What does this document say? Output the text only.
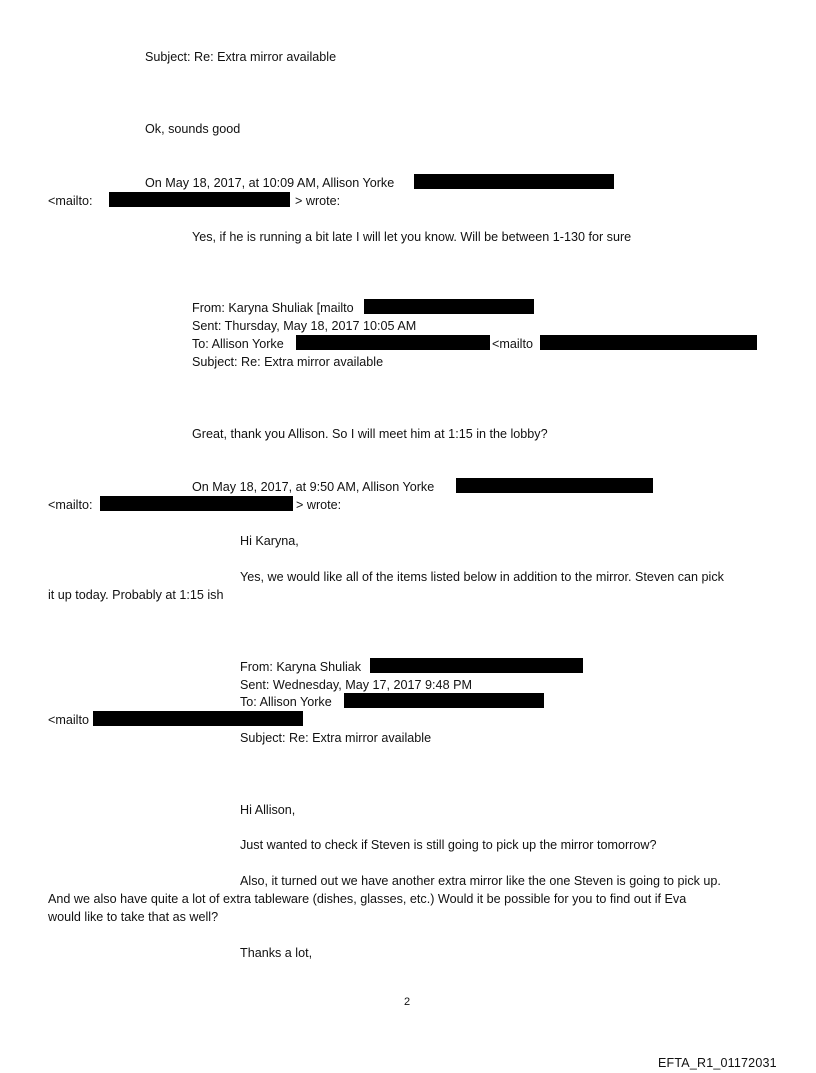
Subject: Re: Extra mirror available
Ok, sounds good
On May 18, 2017, at 10:09 AM, Allison Yorke
<mailto:	> wrote:
Yes, if he is running a bit late I will let you know. Will be between 1-130 for sure
From: Karyna Shuliak [mailto
Sent: Thursday, May 18, 2017 10:05 AM
To: Allison Yorke	<mailto
Subject: Re: Extra mirror available
Great, thank you Allison. So I will meet him at 1:15 in the lobby?
On May 18, 2017, at 9:50 AM, Allison Yorke
<mailto:	> wrote:
Hi Karyna,
Yes, we would like all of the items listed below in addition to the mirror. Steven can pick
it up today. Probably at 1:15 ish
From: Karyna Shuliak
Sent: Wednesday, May 17, 2017 9:48 PM
To: Allison Yorke
<mailto
Subject: Re: Extra mirror available
Hi Allison,
Just wanted to check if Steven is still going to pick up the mirror tomorrow?
Also, it turned out we have another extra mirror like the one Steven is going to pick up.
And we also have quite a lot of extra tableware (dishes, glasses, etc.) Would it be possible for you to find out if Eva
would like to take that as well?
Thanks a lot,
2
EFTA_R1_01172031
